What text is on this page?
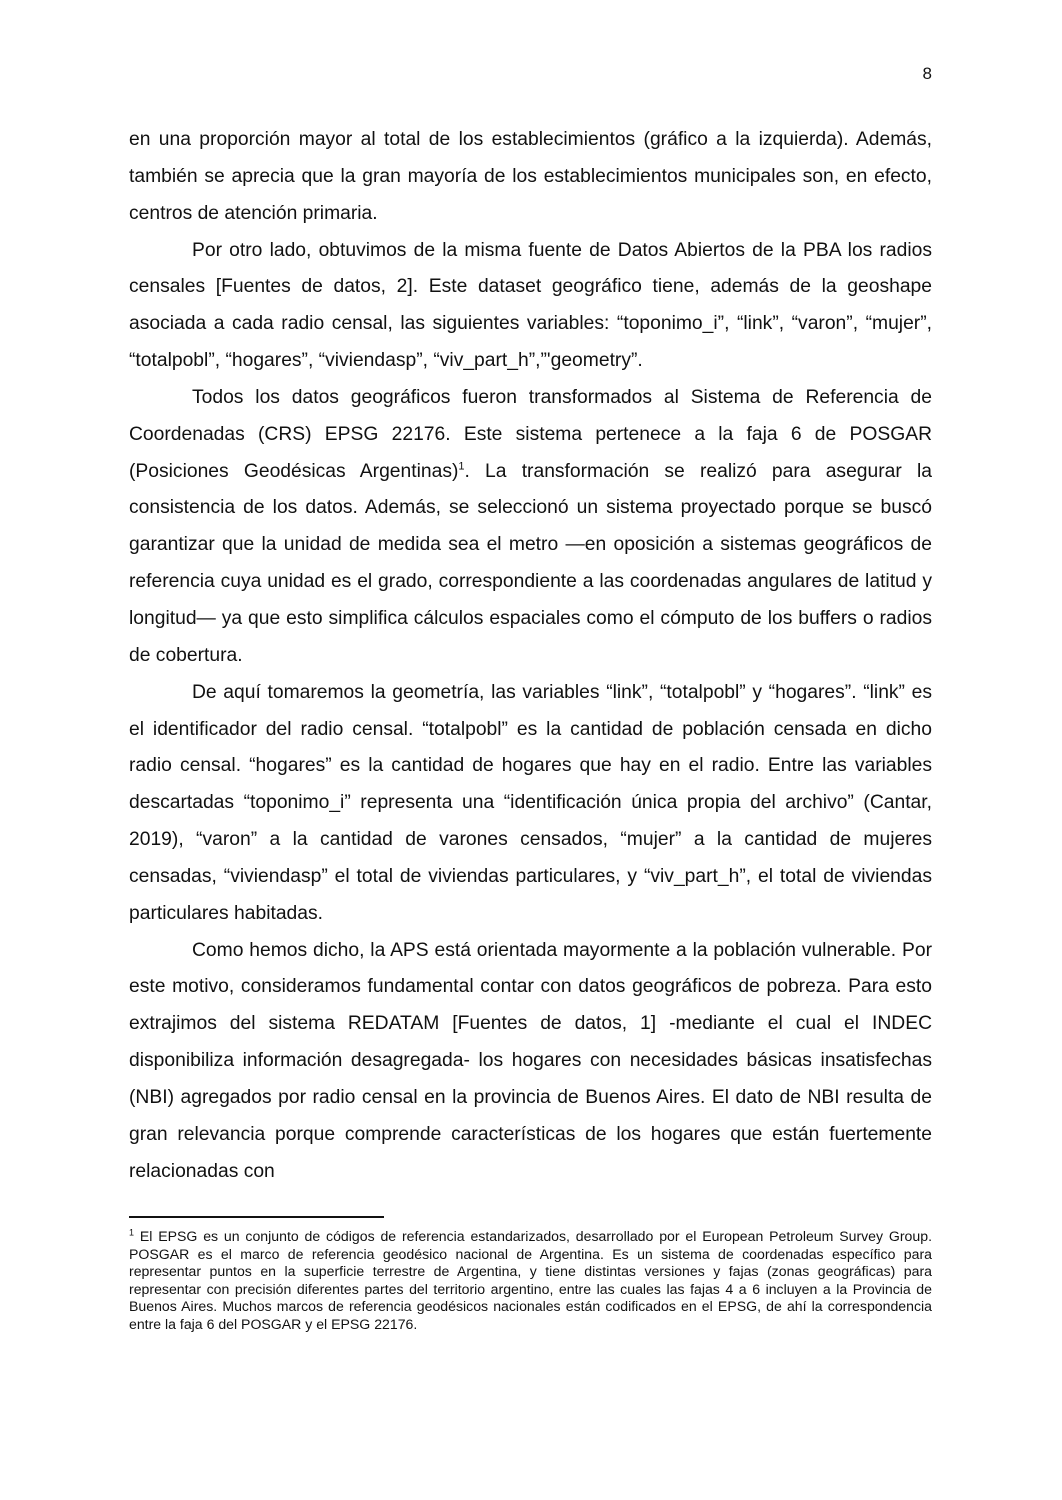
8

en una proporción mayor al total de los establecimientos (gráfico a la izquierda). Además, también se aprecia que la gran mayoría de los establecimientos municipales son, en efecto, centros de atención primaria.

Por otro lado, obtuvimos de la misma fuente de Datos Abiertos de la PBA los radios censales [Fuentes de datos, 2]. Este dataset geográfico tiene, además de la geoshape asociada a cada radio censal, las siguientes variables: “toponimo_i”, “link”, “varon”, “mujer”, “totalpobl”, “hogares”, “viviendasp”, “viv_part_h”,”'geometry”.

Todos los datos geográficos fueron transformados al Sistema de Referencia de Coordenadas (CRS) EPSG 22176. Este sistema pertenece a la faja 6 de POSGAR (Posiciones Geodésicas Argentinas)$^1$. La transformación se realizó para asegurar la consistencia de los datos. Además, se seleccionó un sistema proyectado porque se buscó garantizar que la unidad de medida sea el metro —en oposición a sistemas geográficos de referencia cuya unidad es el grado, correspondiente a las coordenadas angulares de latitud y longitud— ya que esto simplifica cálculos espaciales como el cómputo de los buffers o radios de cobertura.

De aquí tomaremos la geometría, las variables “link”, “totalpobl” y “hogares”. “link” es el identificador del radio censal. “totalpobl” es la cantidad de población censada en dicho radio censal. “hogares” es la cantidad de hogares que hay en el radio. Entre las variables descartadas “toponimo_i” representa una “identificación única propia del archivo” (Cantar, 2019), “varon” a la cantidad de varones censados, “mujer” a la cantidad de mujeres censadas, “viviendasp” el total de viviendas particulares, y “viv_part_h”, el total de viviendas particulares habitadas.

Como hemos dicho, la APS está orientada mayormente a la población vulnerable. Por este motivo, consideramos fundamental contar con datos geográficos de pobreza. Para esto extrajimos del sistema REDATAM [Fuentes de datos, 1] -mediante el cual el INDEC disponibiliza información desagregada- los hogares con necesidades básicas insatisfechas (NBI) agregados por radio censal en la provincia de Buenos Aires. El dato de NBI resulta de gran relevancia porque comprende características de los hogares que están fuertemente relacionadas con

$^1$ El EPSG es un conjunto de códigos de referencia estandarizados, desarrollado por el European Petroleum Survey Group. POSGAR es el marco de referencia geodésico nacional de Argentina. Es un sistema de coordenadas específico para representar puntos en la superficie terrestre de Argentina, y tiene distintas versiones y fajas (zonas geográficas) para representar con precisión diferentes partes del territorio argentino, entre las cuales las fajas 4 a 6 incluyen a la Provincia de Buenos Aires. Muchos marcos de referencia geodésicos nacionales están codificados en el EPSG, de ahí la correspondencia entre la faja 6 del POSGAR y el EPSG 22176.
